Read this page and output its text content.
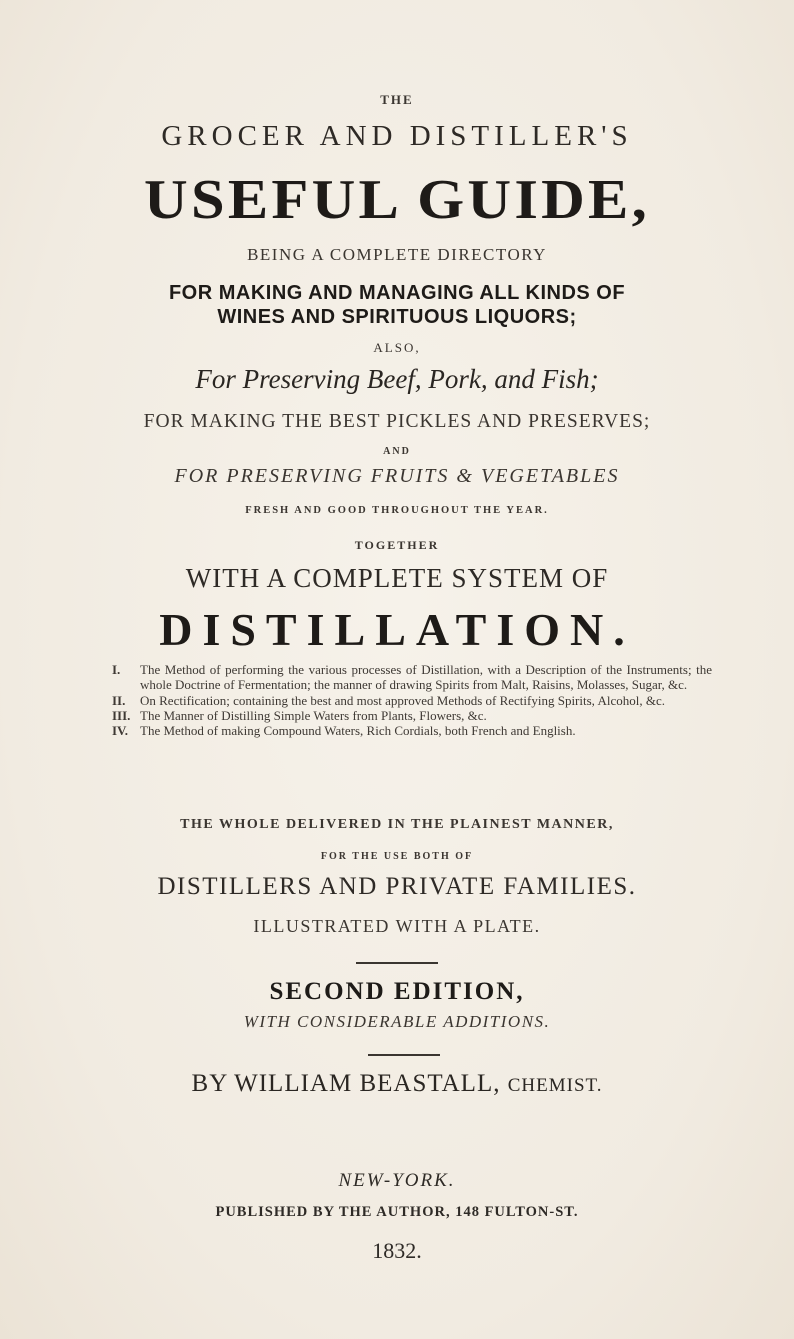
THE
GROCER AND DISTILLER'S
USEFUL GUIDE,
BEING A COMPLETE DIRECTORY
FOR MAKING AND MANAGING ALL KINDS OF
WINES AND SPIRITUOUS LIQUORS;
ALSO,
For Preserving Beef, Pork, and Fish;
FOR MAKING THE BEST PICKLES AND PRESERVES;
AND
FOR PRESERVING FRUITS & VEGETABLES
FRESH AND GOOD THROUGHOUT THE YEAR.
TOGETHER
WITH A COMPLETE SYSTEM OF
DISTILLATION.
I.	The Method of performing the various processes of Distillation, with a Description of the Instruments; the whole Doctrine of Fermentation; the manner of drawing Spirits from Malt, Raisins, Molasses, Sugar, &c.
II.	On Rectification; containing the best and most approved Methods of Rectifying Spirits, Alcohol, &c.
III. The Manner of Distilling Simple Waters from Plants, Flowers, &c.
IV. The Method of making Compound Waters, Rich Cordials, both French and English.
THE WHOLE DELIVERED IN THE PLAINEST MANNER,
FOR THE USE BOTH OF
DISTILLERS AND PRIVATE FAMILIES.
ILLUSTRATED WITH A PLATE.
SECOND EDITION,
WITH CONSIDERABLE ADDITIONS.
BY WILLIAM BEASTALL, CHEMIST.
NEW-YORK.
PUBLISHED BY THE AUTHOR, 148 FULTON-ST.
1832.
